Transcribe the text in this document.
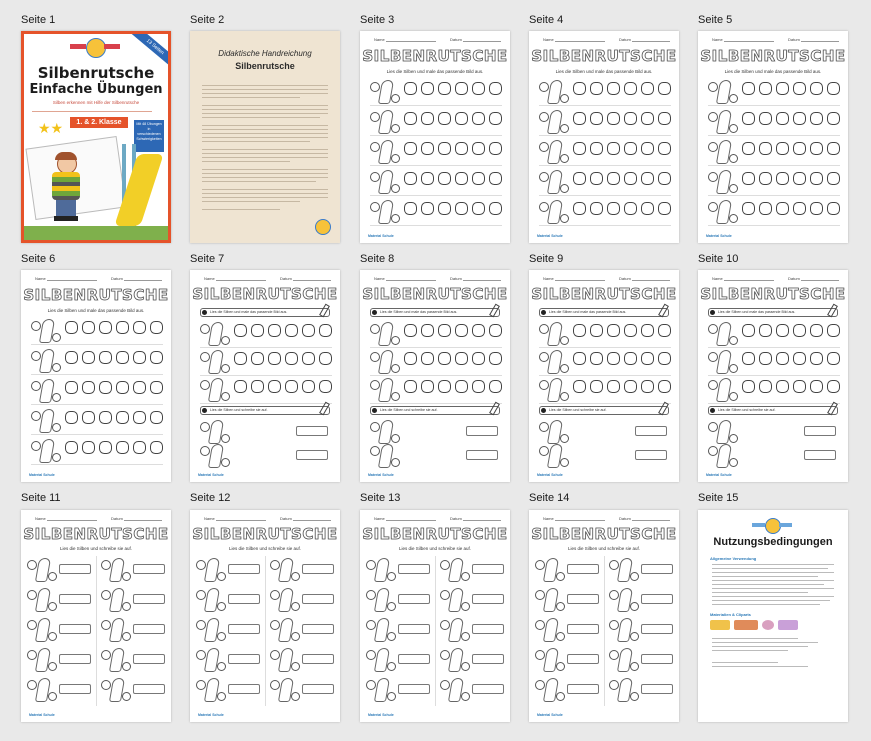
Seite 1	Seite 2	Seite 3	Seite 4	Seite 5
Seite 6	Seite 7	Seite 8	Seite 9	Seite 10
Seite 11	Seite 12	Seite 13	Seite 14	Seite 15
13 Seiten
Silbenrutsche
Einfache Übungen
Silben erkennen mit Hilfe der Silbenrutsche
1. & 2. Klasse	Mit 48 Übungen in verschiedenen Schwierigkeiten
★★
Didaktische Handreichung
Silbenrutsche
Name	Datum
SILBENRUTSCHE
Lies die Silben und male das passende Bild aus.
Material Schule
Name	Datum
SILBENRUTSCHE
Lies die Silben und male das passende Bild aus.
Material Schule
Name	Datum
SILBENRUTSCHE
Lies die Silben und male das passende Bild aus.
Material Schule
Name	Datum
SILBENRUTSCHE
Lies die Silben und male das passende Bild aus.
Material Schule
Name	Datum
SILBENRUTSCHE
Lies die Silben und male das passende Bild aus.
Lies die Silben und schreibe sie auf.
Material Schule
Name	Datum
SILBENRUTSCHE
Lies die Silben und male das passende Bild aus.
Lies die Silben und schreibe sie auf.
Material Schule
Name	Datum
SILBENRUTSCHE
Lies die Silben und male das passende Bild aus.
Lies die Silben und schreibe sie auf.
Material Schule
Name	Datum
SILBENRUTSCHE
Lies die Silben und male das passende Bild aus.
Lies die Silben und schreibe sie auf.
Material Schule
Name	Datum
SILBENRUTSCHE
Lies die Silben und schreibe sie auf.
Material Schule
Name	Datum
SILBENRUTSCHE
Lies die Silben und schreibe sie auf.
Material Schule
Name	Datum
SILBENRUTSCHE
Lies die Silben und schreibe sie auf.
Material Schule
Name	Datum
SILBENRUTSCHE
Lies die Silben und schreibe sie auf.
Material Schule
Nutzungsbedingungen
Allgemeine Verwendung
Materialien & Cliparts
